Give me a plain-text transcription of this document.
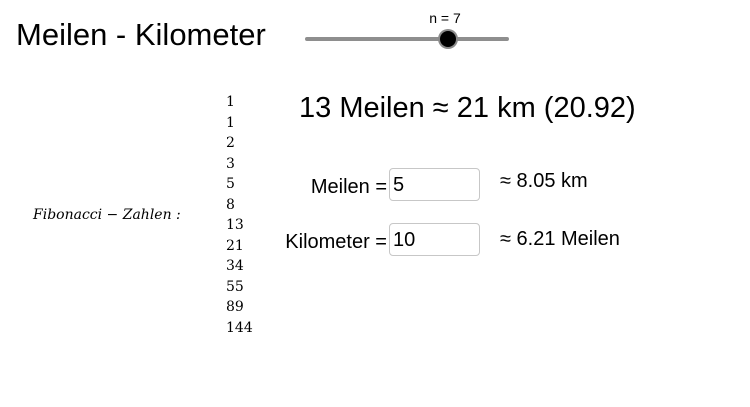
Meilen - Kilometer	n = 7
13 Meilen ≈ 21 km (20.92)
Fibonacci − Zahlen :
1
1
2
3
5
8
13
21
34
55
89
144
Meilen =
5	≈ 8.05 km
Kilometer =
10	≈ 6.21 Meilen
